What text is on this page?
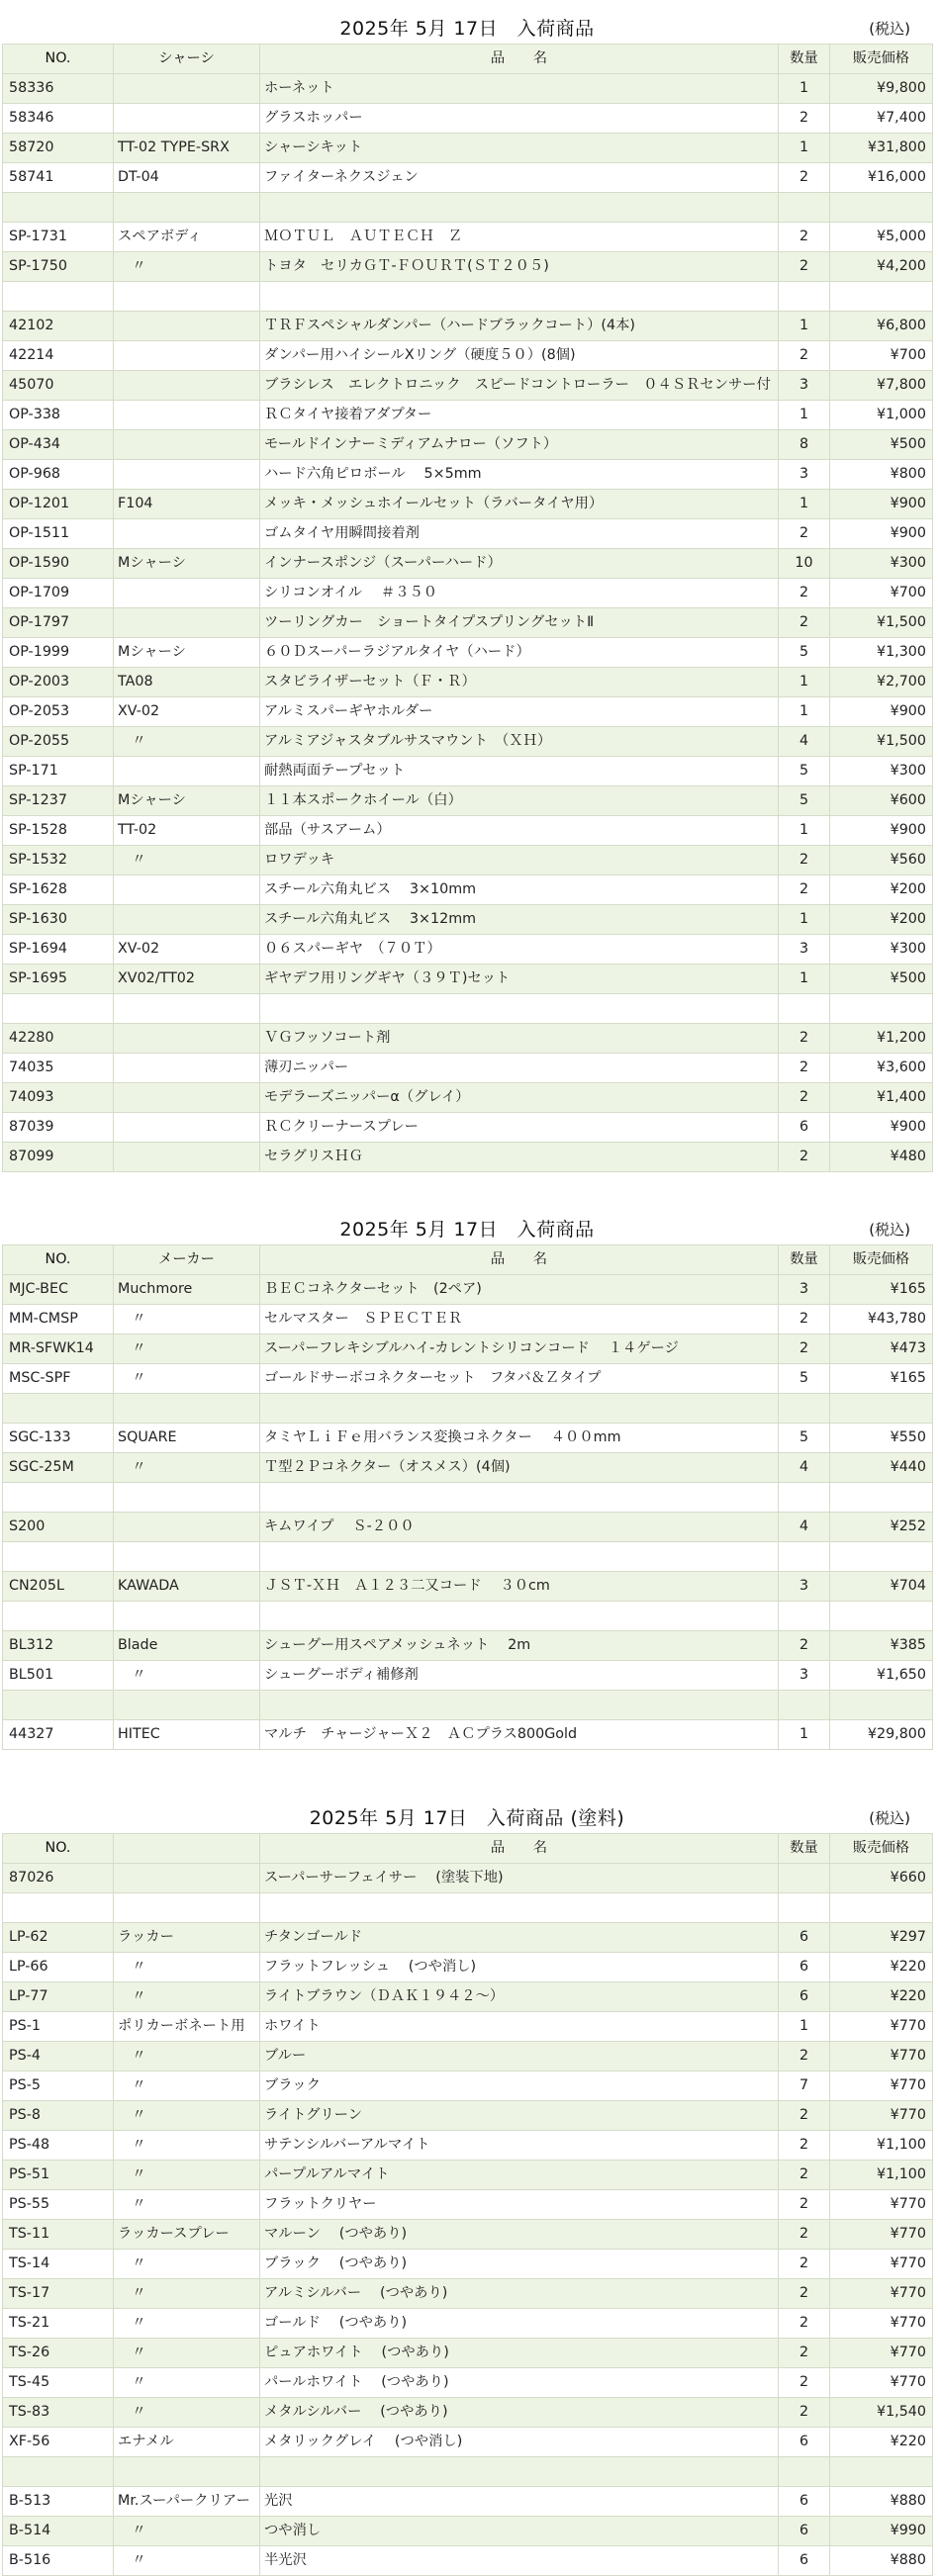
2025年 5月 17日　入荷商品	(税込)
NO.	シャーシ	品　　名	数量	販売価格
58336		ホーネット	1	¥9,800
58346		グラスホッパー	2	¥7,400
58720	TT-02 TYPE-SRX	シャーシキット	1	¥31,800
58741	DT-04	ファイターネクスジェン	2	¥16,000

SP-1731	スペアボディ	ＭＯＴＵＬ　ＡＵＴＥＣＨ　Ｚ	2	¥5,000
SP-1750	　〃	トヨタ　セリカＧＴ-ＦＯＵＲＴ(ＳＴ２０５)	2	¥4,200

42102		ＴＲＦスペシャルダンパー（ハードブラックコート）(4本)	1	¥6,800
42214		ダンパー用ハイシールXリング（硬度５０）(8個)	2	¥700
45070		ブラシレス　エレクトロニック　スピードコントローラー　０４ＳＲセンサー付	3	¥7,800
OP-338		ＲＣタイヤ接着アダプター	1	¥1,000
OP-434		モールドインナーミディアムナロー（ソフト）	8	¥500
OP-968		ハード六角ピロボール　 5×5mm	3	¥800
OP-1201	F104	メッキ・メッシュホイールセット（ラバータイヤ用）	1	¥900
OP-1511		ゴムタイヤ用瞬間接着剤	2	¥900
OP-1590	Mシャーシ	インナースポンジ（スーパーハード）	10	¥300
OP-1709		シリコンオイル　 ＃３５０	2	¥700
OP-1797		ツーリングカー　ショートタイプスプリングセットⅡ	2	¥1,500
OP-1999	Mシャーシ	６０Ｄスーパーラジアルタイヤ（ハード）	5	¥1,300
OP-2003	TA08	スタビライザーセット（Ｆ・Ｒ）	1	¥2,700
OP-2053	XV-02	アルミスパーギヤホルダー	1	¥900
OP-2055	　〃	アルミアジャスタブルサスマウント　（ＸＨ）	4	¥1,500
SP-171		耐熱両面テープセット	5	¥300
SP-1237	Mシャーシ	１１本スポークホイール（白）	5	¥600
SP-1528	TT-02	部品（サスアーム）	1	¥900
SP-1532	　〃	ロワデッキ	2	¥560
SP-1628		スチール六角丸ビス　 3×10mm	2	¥200
SP-1630		スチール六角丸ビス　 3×12mm	1	¥200
SP-1694	XV-02	０６スパーギヤ　（７０Ｔ）	3	¥300
SP-1695	XV02/TT02	ギヤデフ用リングギヤ（３９Ｔ)セット	1	¥500

42280		ＶＧフッソコート剤	2	¥1,200
74035		薄刃ニッパー	2	¥3,600
74093		モデラーズニッパーα（グレイ）	2	¥1,400
87039		ＲＣクリーナースプレー	6	¥900
87099		セラグリスＨＧ	2	¥480
2025年 5月 17日　入荷商品	(税込)
NO.	メーカー	品　　名	数量	販売価格
MJC-BEC	Muchmore	ＢＥＣコネクターセット　(2ペア)	3	¥165
MM-CMSP	　〃	セルマスター　ＳＰＥＣＴＥＲ	2	¥43,780
MR-SFWK14	　〃	スーパーフレキシブルハイ-カレントシリコンコード　 １４ゲージ	2	¥473
MSC-SPF	　〃	ゴールドサーボコネクターセット　フタバ＆Ｚタイプ	5	¥165

SGC-133	SQUARE	タミヤＬｉＦｅ用バランス変換コネクター　 ４００mm	5	¥550
SGC-25M	　〃	Ｔ型２Ｐコネクター（オスメス）(4個)	4	¥440

S200		キムワイプ　 Ｓ-２００	4	¥252

CN205L	KAWADA	ＪＳＴ-ＸＨ　Ａ１２３二又コード　 ３０cm	3	¥704

BL312	Blade	シューグー用スペアメッシュネット　 2m	2	¥385
BL501	　〃	シューグーボディ補修剤	3	¥1,650

44327	HITEC	マルチ　チャージャーＸ２　ＡＣプラス800Gold	1	¥29,800
2025年 5月 17日　入荷商品 (塗料)	(税込)
NO.		品　　名	数量	販売価格
87026		スーパーサーフェイサー　 (塗装下地)		¥660

LP-62	ラッカー	チタンゴールド	6	¥297
LP-66	　〃	フラットフレッシュ　 (つや消し)	6	¥220
LP-77	　〃	ライトブラウン（ＤＡＫ１９４２～）	6	¥220
PS-1	ポリカーボネート用	ホワイト	1	¥770
PS-4	　〃	ブルー	2	¥770
PS-5	　〃	ブラック	7	¥770
PS-8	　〃	ライトグリーン	2	¥770
PS-48	　〃	サテンシルバーアルマイト	2	¥1,100
PS-51	　〃	パープルアルマイト	2	¥1,100
PS-55	　〃	フラットクリヤー	2	¥770
TS-11	ラッカースプレー	マルーン　 (つやあり)	2	¥770
TS-14	　〃	ブラック　 (つやあり)	2	¥770
TS-17	　〃	アルミシルバー　 (つやあり)	2	¥770
TS-21	　〃	ゴールド　 (つやあり)	2	¥770
TS-26	　〃	ピュアホワイト　 (つやあり)	2	¥770
TS-45	　〃	パールホワイト　 (つやあり)	2	¥770
TS-83	　〃	メタルシルバー　 (つやあり)	2	¥1,540
XF-56	エナメル	メタリックグレイ　 (つや消し)	6	¥220

B-513	Mr.スーパークリアー	光沢	6	¥880
B-514	　〃	つや消し	6	¥990
B-516	　〃	半光沢	6	¥880
